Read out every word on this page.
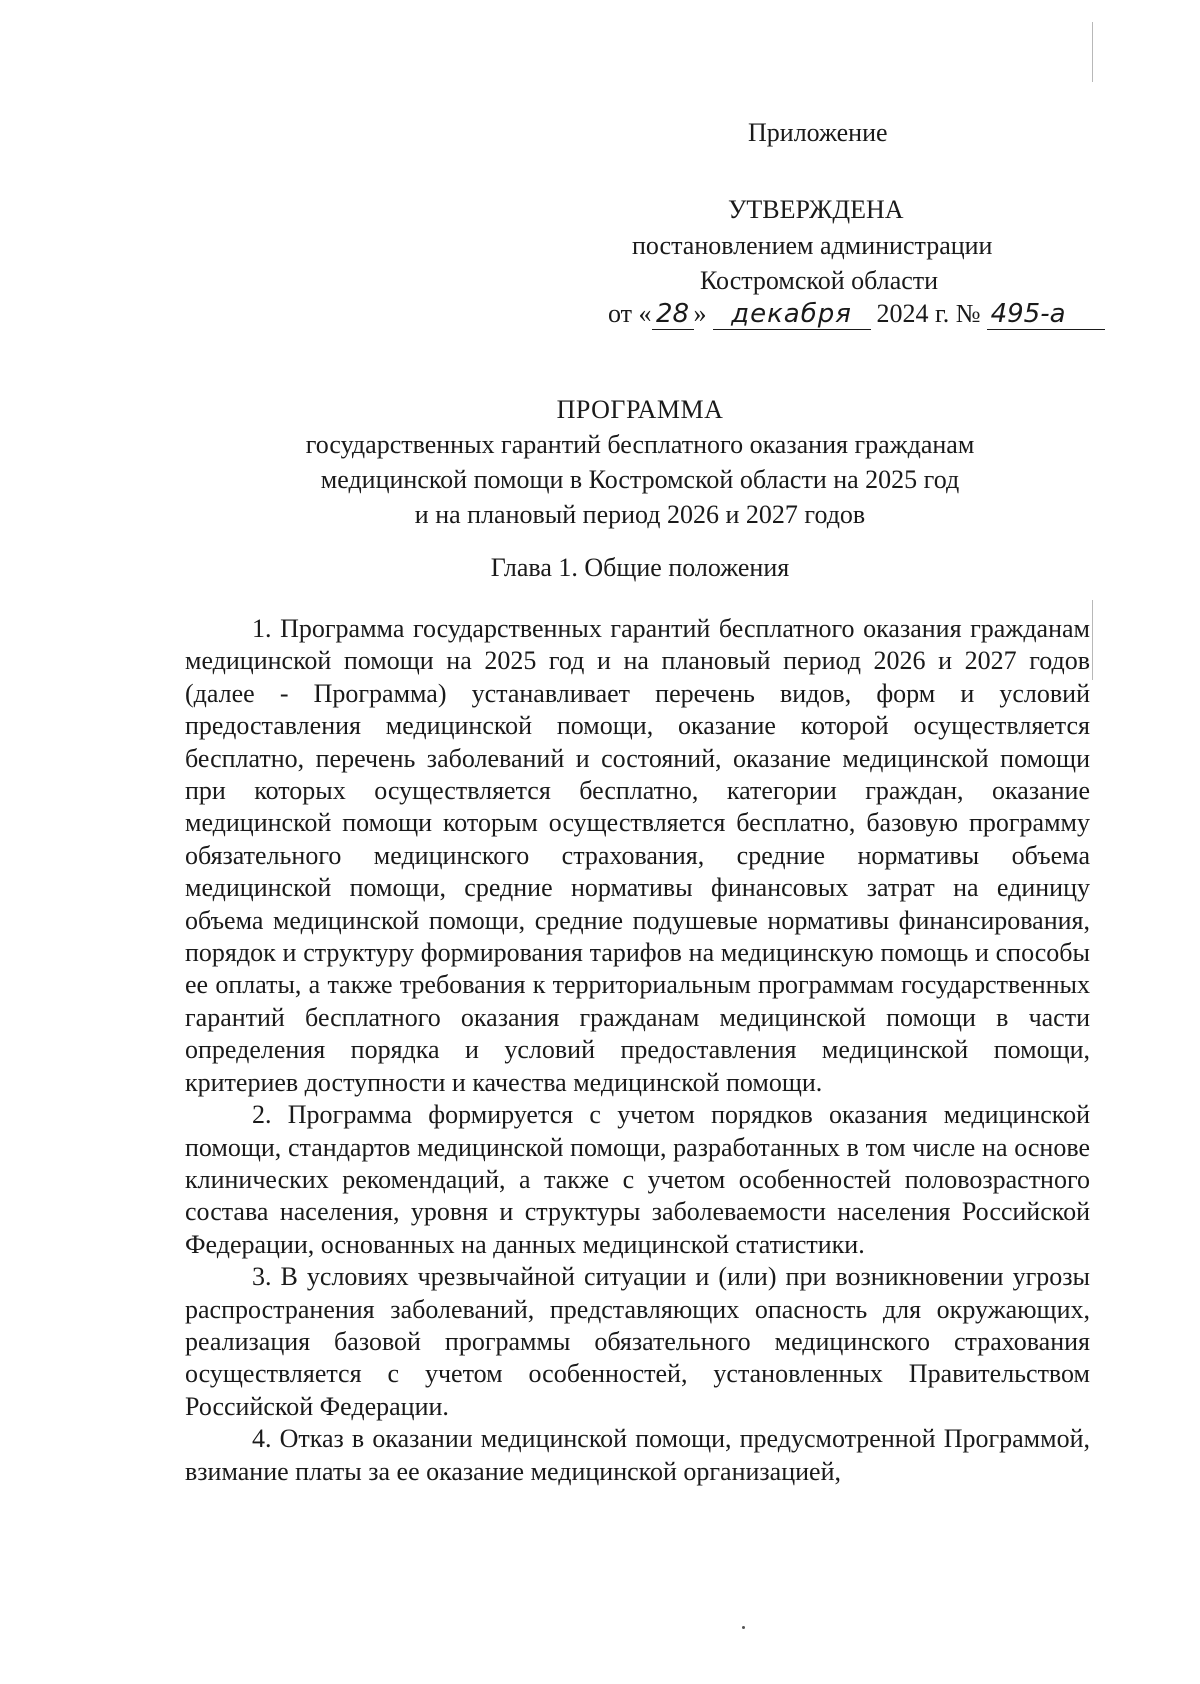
Приложение
УТВЕРЖДЕНА
постановлением администрации
Костромской области
от « 28 » декабря 2024 г. № 495-а
ПРОГРАММА
государственных гарантий бесплатного оказания гражданам
медицинской помощи в Костромской области на 2025 год
и на плановый период 2026 и 2027 годов
Глава 1. Общие положения

1. Программа государственных гарантий бесплатного оказания гражданам медицинской помощи на 2025 год и на плановый период 2026 и 2027 годов (далее - Программа) устанавливает перечень видов, форм и условий предоставления медицинской помощи, оказание которой осуществляется бесплатно, перечень заболеваний и состояний, оказание медицинской помощи при которых осуществляется бесплатно, категории граждан, оказание медицинской помощи которым осуществляется бесплатно, базовую программу обязательного медицинского страхования, средние нормативы объема медицинской помощи, средние нормативы финансовых затрат на единицу объема медицинской помощи, средние подушевые нормативы финансирования, порядок и структуру формирования тарифов на медицинскую помощь и способы ее оплаты, а также требования к территориальным программам государственных гарантий бесплатного оказания гражданам медицинской помощи в части определения порядка и условий предоставления медицинской помощи, критериев доступности и качества медицинской помощи.

2. Программа формируется с учетом порядков оказания медицинской помощи, стандартов медицинской помощи, разработанных в том числе на основе клинических рекомендаций, а также с учетом особенностей половозрастного состава населения, уровня и структуры заболеваемости населения Российской Федерации, основанных на данных медицинской статистики.

3. В условиях чрезвычайной ситуации и (или) при возникновении угрозы распространения заболеваний, представляющих опасность для окружающих, реализация базовой программы обязательного медицинского страхования осуществляется с учетом особенностей, установленных Правительством Российской Федерации.

4. Отказ в оказании медицинской помощи, предусмотренной Программой, взимание платы за ее оказание медицинской организацией,
